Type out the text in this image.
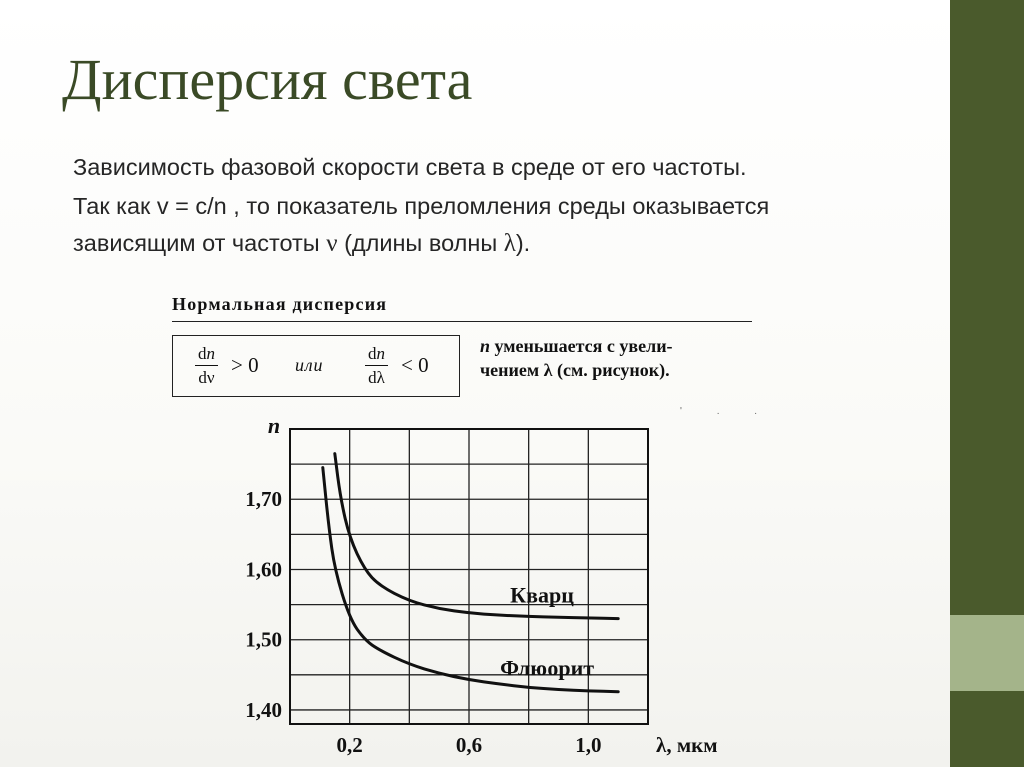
Дисперсия света

Зависимость фазовой скорости света в среде от его частоты.

Так как v = c/n , то показатель преломления среды оказывается зависящим от частоты ν (длины волны λ).

Нормальная дисперсия
$\frac{dn}{d\nu} > 0$ или $\frac{dn}{d\lambda} < 0$
n уменьшается с увели-
чением λ (см. рисунок).
' . .
1,70
1,60
1,50
1,40
0,2	0,6	1,0
n
λ, мкм
Кварц
Флюорит
